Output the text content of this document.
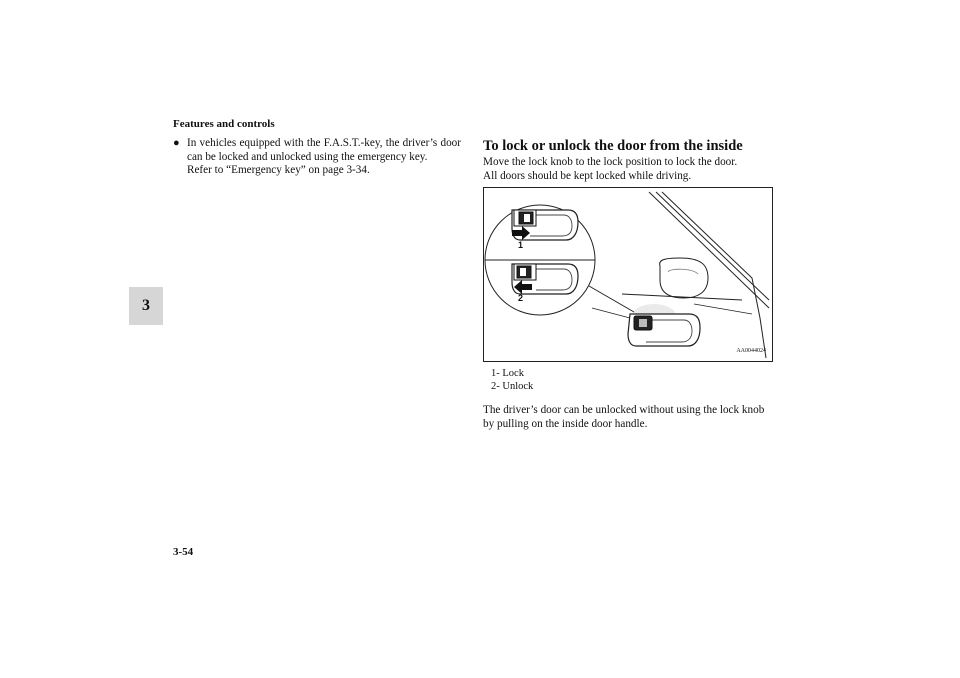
Features and controls
3
● In vehicles equipped with the F.A.S.T.-key, the driver’s door can be locked and unlocked using the emergency key.
Refer to “Emergency key” on page 3-34.
To lock or unlock the door from the inside
Move the lock knob to the lock position to lock the door.
All doors should be kept locked while driving.
1
2
AA0044024
1- Lock
2- Unlock
The driver’s door can be unlocked without using the lock knob by pulling on the inside door handle.
3-54
